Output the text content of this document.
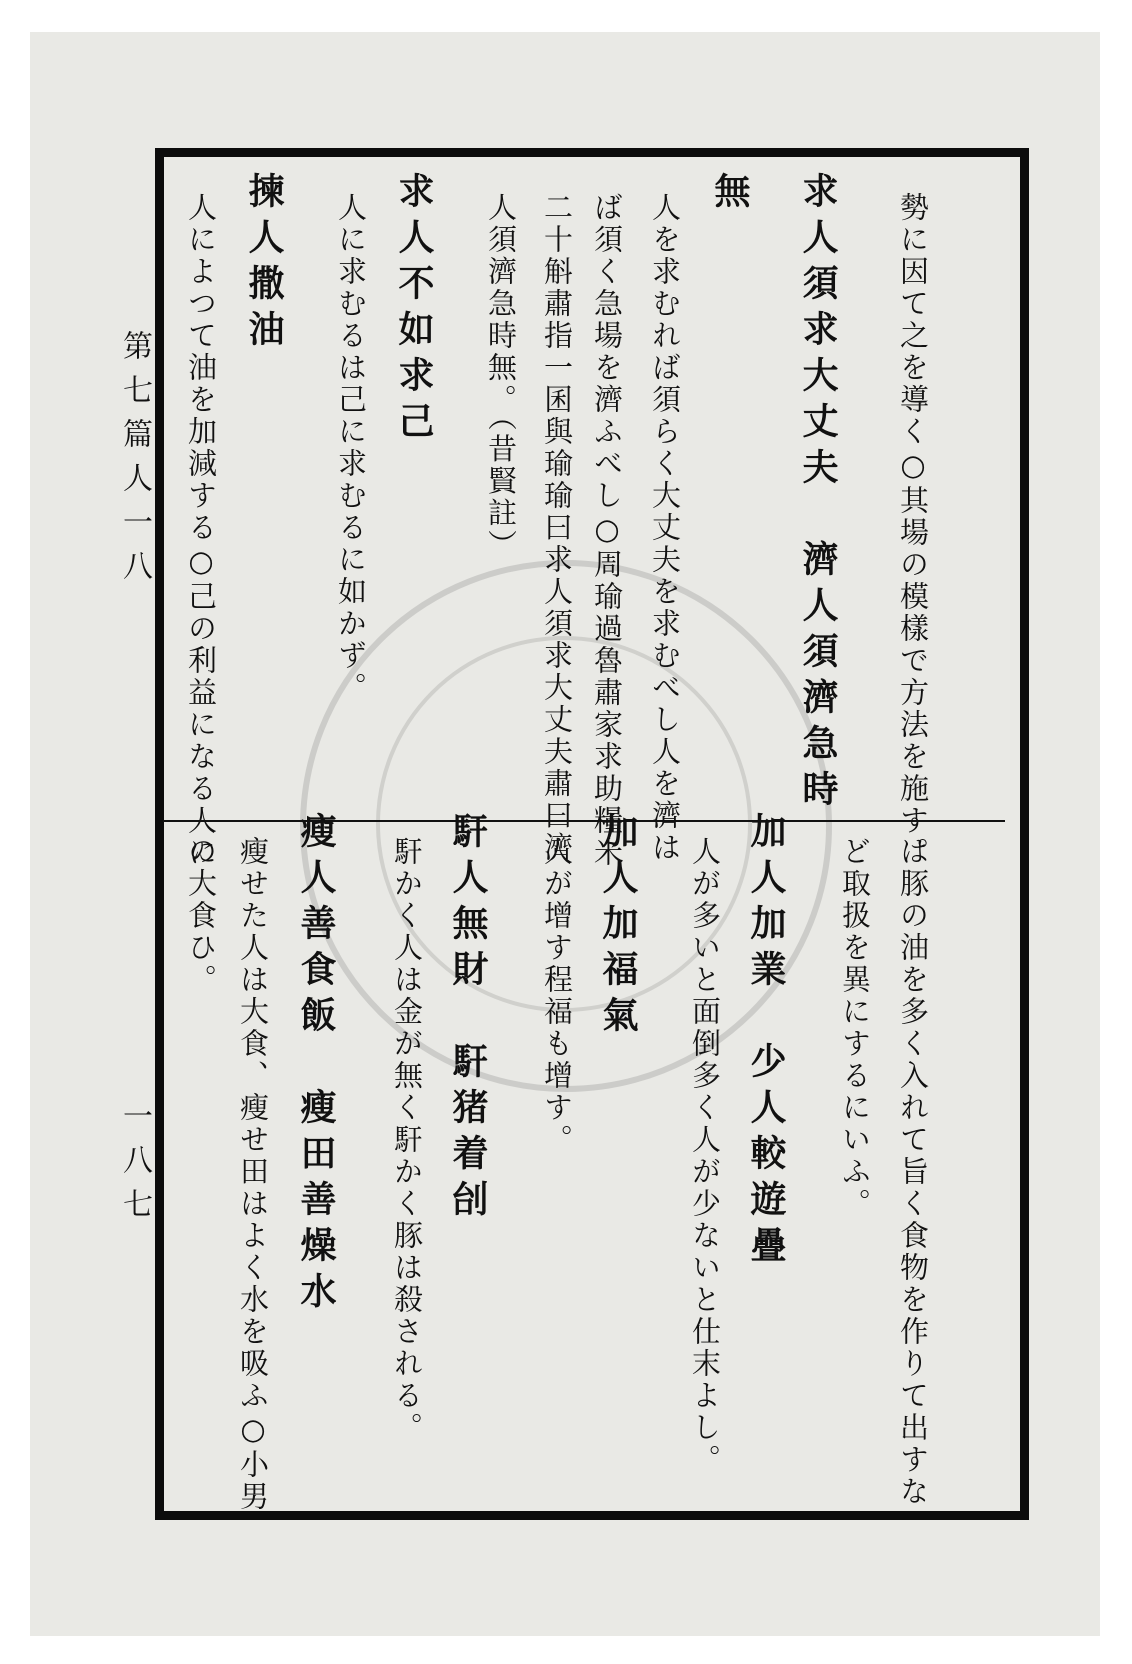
第七篇人一八
一八七
勢に因て之を導く○其場の模樣で方法を施す。
求人須求大丈夫　濟人須濟急時
無
人を求むれば須らく大丈夫を求むべし人を濟は
ば須く急場を濟ふべし○周瑜過魯肅家求助糧米
二十斛肅指一囷與瑜瑜曰求人須求大丈夫肅曰濟
人須濟急時無。（昔賢註）
求人不如求己
人に求むるは己に求むるに如かず。
揀人撒油
人によつて油を加減する○己の利益になる人に
は豚の油を多く入れて旨く食物を作りて出すな
ど取扱を異にするにいふ。
加人加業　少人較遊疊
人が多いと面倒多く人が少ないと仕末よし。
加人加福氣
人が增す程福も增す。
馯人無財　馯猪着刣
馯かく人は金が無く馯かく豚は殺される。
瘦人善食飯　瘦田善燥水
瘦せた人は大食、瘦せ田はよく水を吸ふ○小男
の大食ひ。
